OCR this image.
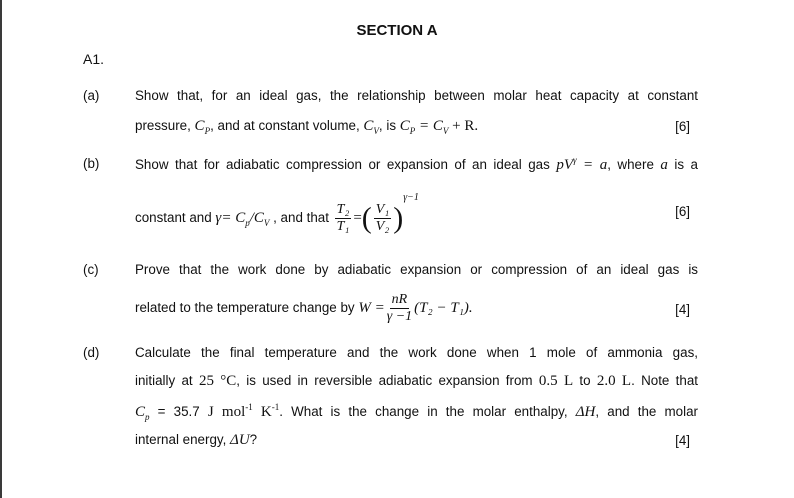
SECTION A
A1.
(a)	Show that, for an ideal gas, the relationship between molar heat capacity at constant
pressure, $C_P$, and at constant volume, $C_V$, is $C_P = C_V + R$.	[6]
(b)	Show that for adiabatic compression or expansion of an ideal gas $pV^\gamma = a$, where a is a
constant and $\gamma= C_p/C_V$ , and that $\frac{\text{T₂}}{\text{T₁}}$ =( $\frac{\text{V₁}}{\text{V₂}} )^{\gamma-1}$
[6]
(c)	Prove that the work done by adiabatic expansion or compression of an ideal gas is
related to the temperature change by $W = \frac{nR}{\gamma -1} (T_2 - T_1)$.	[4]
(d)	Calculate the final temperature and the work done when 1 mole of ammonia gas,
initially at 25 °C, is used in reversible adiabatic expansion from 0.5 L to 2.0 L. Note that
$C_p = 35.7$ J mol$^{-1}$ $K^{-1}$. What is the change in the molar enthalpy, ΔH, and the molar
internal energy, ΔU?	[4]
